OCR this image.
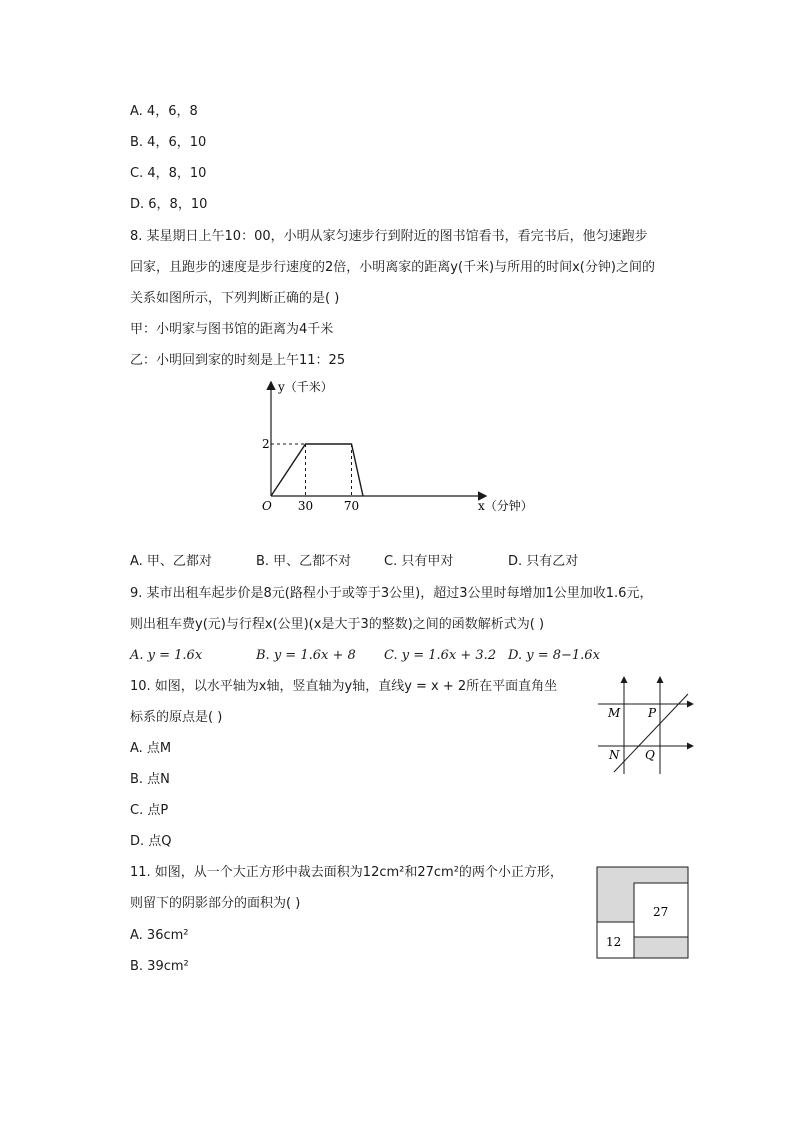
A. 4，6，8
B. 4，6，10
C. 4，8，10
D. 6，8，10
8. 某星期日上午10：00，小明从家匀速步行到附近的图书馆看书，看完书后，他匀速跑步
回家，且跑步的速度是步行速度的2倍，小明离家的距离y(千米)与所用的时间x(分钟)之间的
关系如图所示，下列判断正确的是( )
甲：小明家与图书馆的距离为4千米
乙：小明回到家的时刻是上午11：25
y（千米）
x（分钟）
O
2
30	70
A. 甲、乙都对	B. 甲、乙都不对	C. 只有甲对	D. 只有乙对
9. 某市出租车起步价是8元(路程小于或等于3公里)，超过3公里时每增加1公里加收1.6元，
则出租车费y(元)与行程x(公里)(x是大于3的整数)之间的函数解析式为( )
A. y = 1.6x	B. y = 1.6x + 8 C. y = 1.6x + 3.2 D. y = 8−1.6x
10. 如图，以水平轴为x轴，竖直轴为y轴，直线y = x + 2所在平面直角坐
标系的原点是( )
A. 点M
B. 点N
C. 点P
D. 点Q
M P
N Q
11. 如图，从一个大正方形中裁去面积为12cm²和27cm²的两个小正方形，
则留下的阴影部分的面积为( )
A. 36cm²
B. 39cm²
27
12
